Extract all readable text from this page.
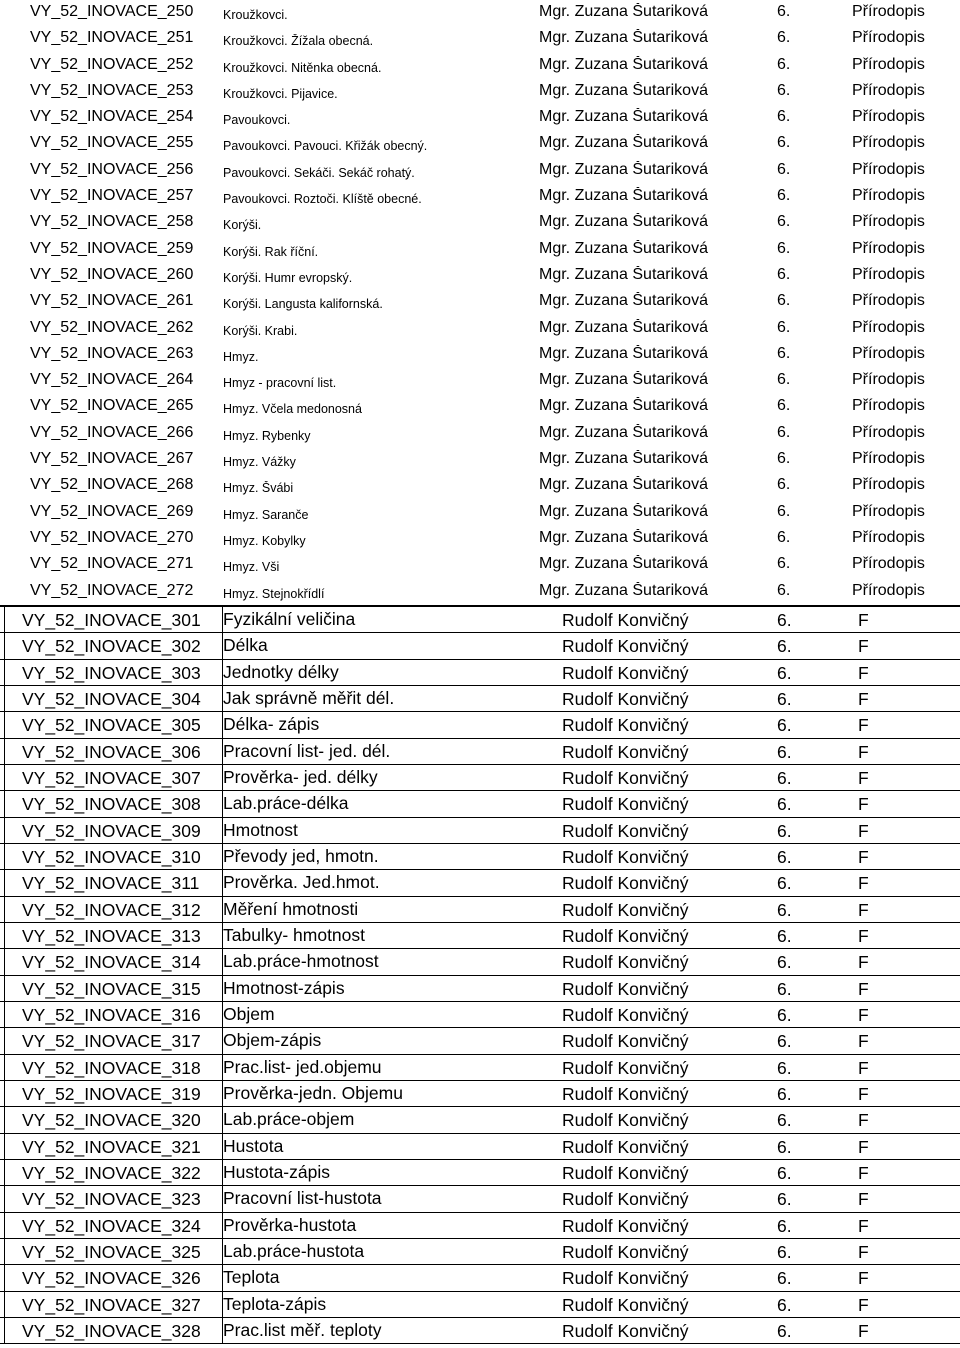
VY_52_INOVACE_250	Kroužkovci.	Mgr. Zuzana Šutariková	6.	Přírodopis
VY_52_INOVACE_251	Kroužkovci. Žížala obecná.	Mgr. Zuzana Šutariková	6.	Přírodopis
VY_52_INOVACE_252	Kroužkovci. Nitěnka obecná.	Mgr. Zuzana Šutariková	6.	Přírodopis
VY_52_INOVACE_253	Kroužkovci. Pijavice.	Mgr. Zuzana Šutariková	6.	Přírodopis
VY_52_INOVACE_254	Pavoukovci.	Mgr. Zuzana Šutariková	6.	Přírodopis
VY_52_INOVACE_255	Pavoukovci. Pavouci. Křižák obecný.	Mgr. Zuzana Šutariková	6.	Přírodopis
VY_52_INOVACE_256	Pavoukovci. Sekáči. Sekáč rohatý.	Mgr. Zuzana Šutariková	6.	Přírodopis
VY_52_INOVACE_257	Pavoukovci. Roztoči. Klíště obecné.	Mgr. Zuzana Šutariková	6.	Přírodopis
VY_52_INOVACE_258	Korýši.	Mgr. Zuzana Šutariková	6.	Přírodopis
VY_52_INOVACE_259	Korýši. Rak říční.	Mgr. Zuzana Šutariková	6.	Přírodopis
VY_52_INOVACE_260	Korýši. Humr evropský.	Mgr. Zuzana Šutariková	6.	Přírodopis
VY_52_INOVACE_261	Korýši. Langusta kalifornská.	Mgr. Zuzana Šutariková	6.	Přírodopis
VY_52_INOVACE_262	Korýši. Krabi.	Mgr. Zuzana Šutariková	6.	Přírodopis
VY_52_INOVACE_263	Hmyz.	Mgr. Zuzana Šutariková	6.	Přírodopis
VY_52_INOVACE_264	Hmyz - pracovní list.	Mgr. Zuzana Šutariková	6.	Přírodopis
VY_52_INOVACE_265	Hmyz. Včela medonosná	Mgr. Zuzana Šutariková	6.	Přírodopis
VY_52_INOVACE_266	Hmyz. Rybenky	Mgr. Zuzana Šutariková	6.	Přírodopis
VY_52_INOVACE_267	Hmyz. Vážky	Mgr. Zuzana Šutariková	6.	Přírodopis
VY_52_INOVACE_268	Hmyz. Švábi	Mgr. Zuzana Šutariková	6.	Přírodopis
VY_52_INOVACE_269	Hmyz. Sarančе	Mgr. Zuzana Šutariková	6.	Přírodopis
VY_52_INOVACE_270	Hmyz. Kobylky	Mgr. Zuzana Šutariková	6.	Přírodopis
VY_52_INOVACE_271	Hmyz. Vši	Mgr. Zuzana Šutariková	6.	Přírodopis
VY_52_INOVACE_272	Hmyz. Stejnokřídlí	Mgr. Zuzana Šutariková	6.	Přírodopis
VY_52_INOVACE_301	Fyzikální veličina	Rudolf Konvičný	6.	F
VY_52_INOVACE_302	Délka	Rudolf Konvičný	6.	F
VY_52_INOVACE_303	Jednotky délky	Rudolf Konvičný	6.	F
VY_52_INOVACE_304	Jak správně měřit dél.	Rudolf Konvičný	6.	F
VY_52_INOVACE_305	Délka- zápis	Rudolf Konvičný	6.	F
VY_52_INOVACE_306	Pracovní list- jed. dél.	Rudolf Konvičný	6.	F
VY_52_INOVACE_307	Prověrka- jed. délky	Rudolf Konvičný	6.	F
VY_52_INOVACE_308	Lab.práce-délka	Rudolf Konvičný	6.	F
VY_52_INOVACE_309	Hmotnost	Rudolf Konvičný	6.	F
VY_52_INOVACE_310	Převody jed, hmotn.	Rudolf Konvičný	6.	F
VY_52_INOVACE_311	Prověrka. Jed.hmot.	Rudolf Konvičný	6.	F
VY_52_INOVACE_312	Měření hmotnosti	Rudolf Konvičný	6.	F
VY_52_INOVACE_313	Tabulky- hmotnost	Rudolf Konvičný	6.	F
VY_52_INOVACE_314	Lab.práce-hmotnost	Rudolf Konvičný	6.	F
VY_52_INOVACE_315	Hmotnost-zápis	Rudolf Konvičný	6.	F
VY_52_INOVACE_316	Objem	Rudolf Konvičný	6.	F
VY_52_INOVACE_317	Objem-zápis	Rudolf Konvičný	6.	F
VY_52_INOVACE_318	Prac.list- jed.objemu	Rudolf Konvičný	6.	F
VY_52_INOVACE_319	Prověrka-jedn. Objemu	Rudolf Konvičný	6.	F
VY_52_INOVACE_320	Lab.práce-objem	Rudolf Konvičný	6.	F
VY_52_INOVACE_321	Hustota	Rudolf Konvičný	6.	F
VY_52_INOVACE_322	Hustota-zápis	Rudolf Konvičný	6.	F
VY_52_INOVACE_323	Pracovní list-hustota	Rudolf Konvičný	6.	F
VY_52_INOVACE_324	Prověrka-hustota	Rudolf Konvičný	6.	F
VY_52_INOVACE_325	Lab.práce-hustota	Rudolf Konvičný	6.	F
VY_52_INOVACE_326	Teplota	Rudolf Konvičný	6.	F
VY_52_INOVACE_327	Teplota-zápis	Rudolf Konvičný	6.	F
VY_52_INOVACE_328	Prac.list měř. teploty	Rudolf Konvičný	6.	F
